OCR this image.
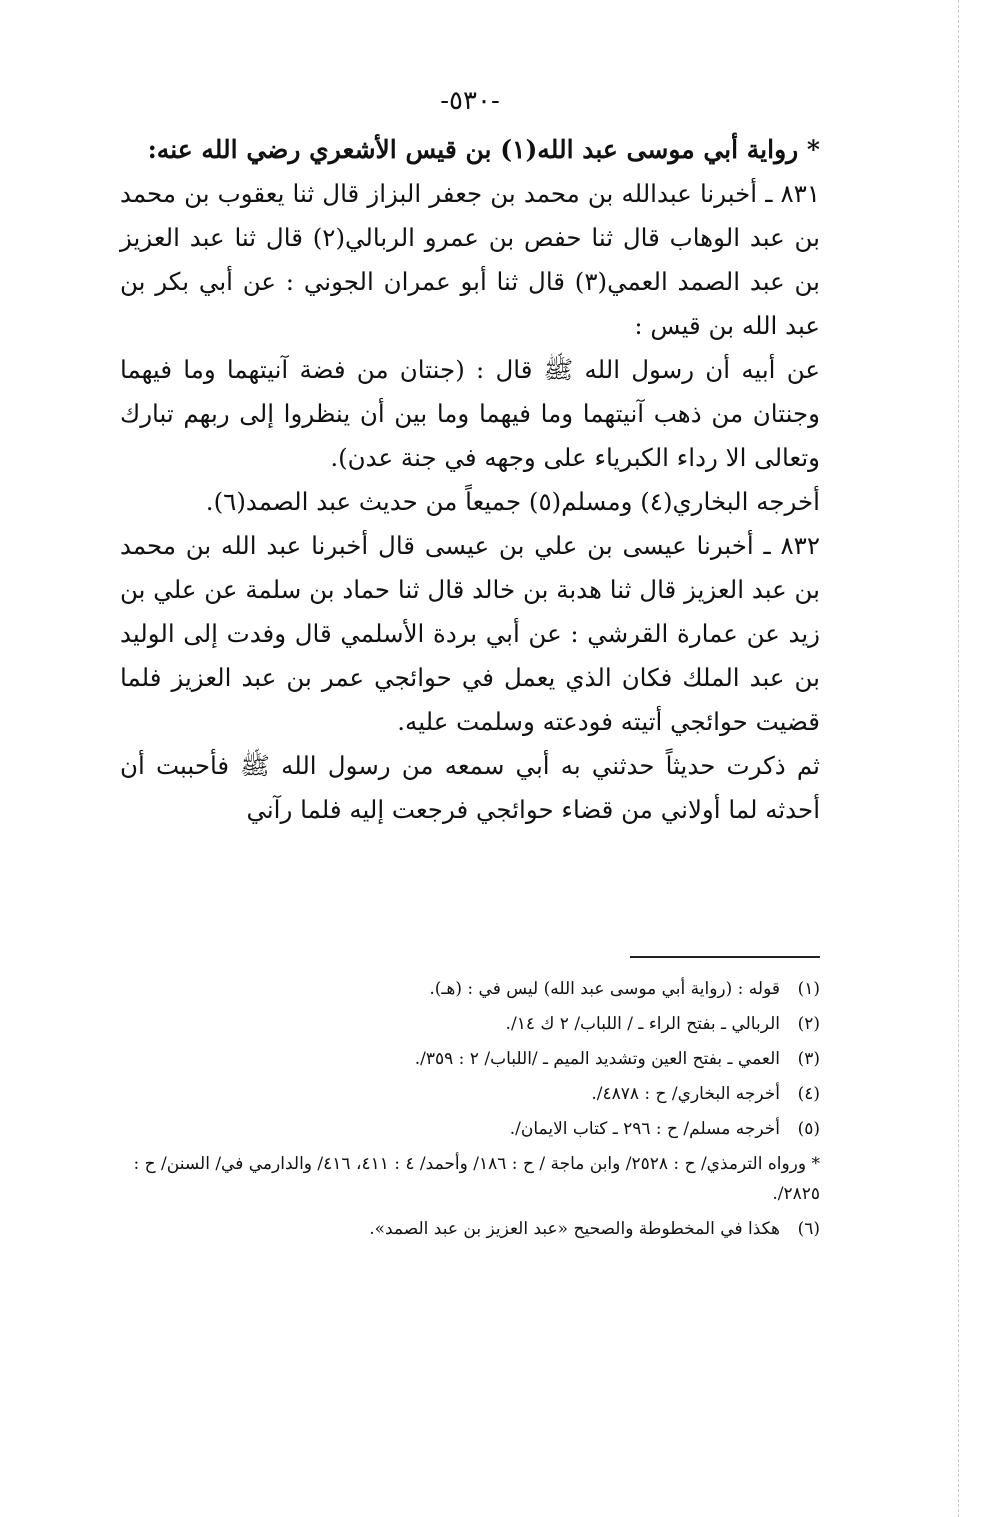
-٥٣٠-

* رواية أبي موسى عبد الله(١) بن قيس الأشعري رضي الله عنه:

٨٣١ ـ أخبرنا عبدالله بن محمد بن جعفر البزاز قال ثنا يعقوب بن محمد بن عبد الوهاب قال ثنا حفص بن عمرو الربالي(٢) قال ثنا عبد العزيز بن عبد الصمد العمي(٣) قال ثنا أبو عمران الجوني : عن أبي بكر بن عبد الله بن قيس :

عن أبيه أن رسول الله ﷺ قال : (جنتان من فضة آنيتهما وما فيهما وجنتان من ذهب آنيتهما وما فيهما وما بين أن ينظروا إلى ربهم تبارك وتعالى الا رداء الكبرياء على وجهه في جنة عدن).

أخرجه البخاري(٤) ومسلم(٥) جميعاً من حديث عبد الصمد(٦).

٨٣٢ ـ أخبرنا عيسى بن علي بن عيسى قال أخبرنا عبد الله بن محمد بن عبد العزيز قال ثنا هدبة بن خالد قال ثنا حماد بن سلمة عن علي بن زيد عن عمارة القرشي : عن أبي بردة الأسلمي قال وفدت إلى الوليد بن عبد الملك فكان الذي يعمل في حوائجي عمر بن عبد العزيز فلما قضيت حوائجي أتيته فودعته وسلمت عليه.

ثم ذكرت حديثاً حدثني به أبي سمعه من رسول الله ﷺ فأحببت أن أحدثه لما أولاني من قضاء حوائجي فرجعت إليه فلما رآني

(١)
قوله : (رواية أبي موسى عبد الله) ليس في : (هـ).

(٢)
الربالي ـ بفتح الراء ـ / اللباب/ ٢ ك ١٤/.

(٣)
العمي ـ بفتح العين وتشديد الميم ـ /اللباب/ ٢ : ٣٥٩/.

(٤)
أخرجه البخاري/ ح : ٤٨٧٨/.

(٥)
أخرجه مسلم/ ح : ٢٩٦ ـ كتاب الايمان/.

* ورواه الترمذي/ ح : ٢٥٢٨/ وابن ماجة / ح : ١٨٦/ وأحمد/ ٤ : ٤١١، ٤١٦/ والدارمي في/ السنن/ ح : ٢٨٢٥/.

(٦)
هكذا في المخطوطة والصحيح «عبد العزيز بن عبد الصمد».
